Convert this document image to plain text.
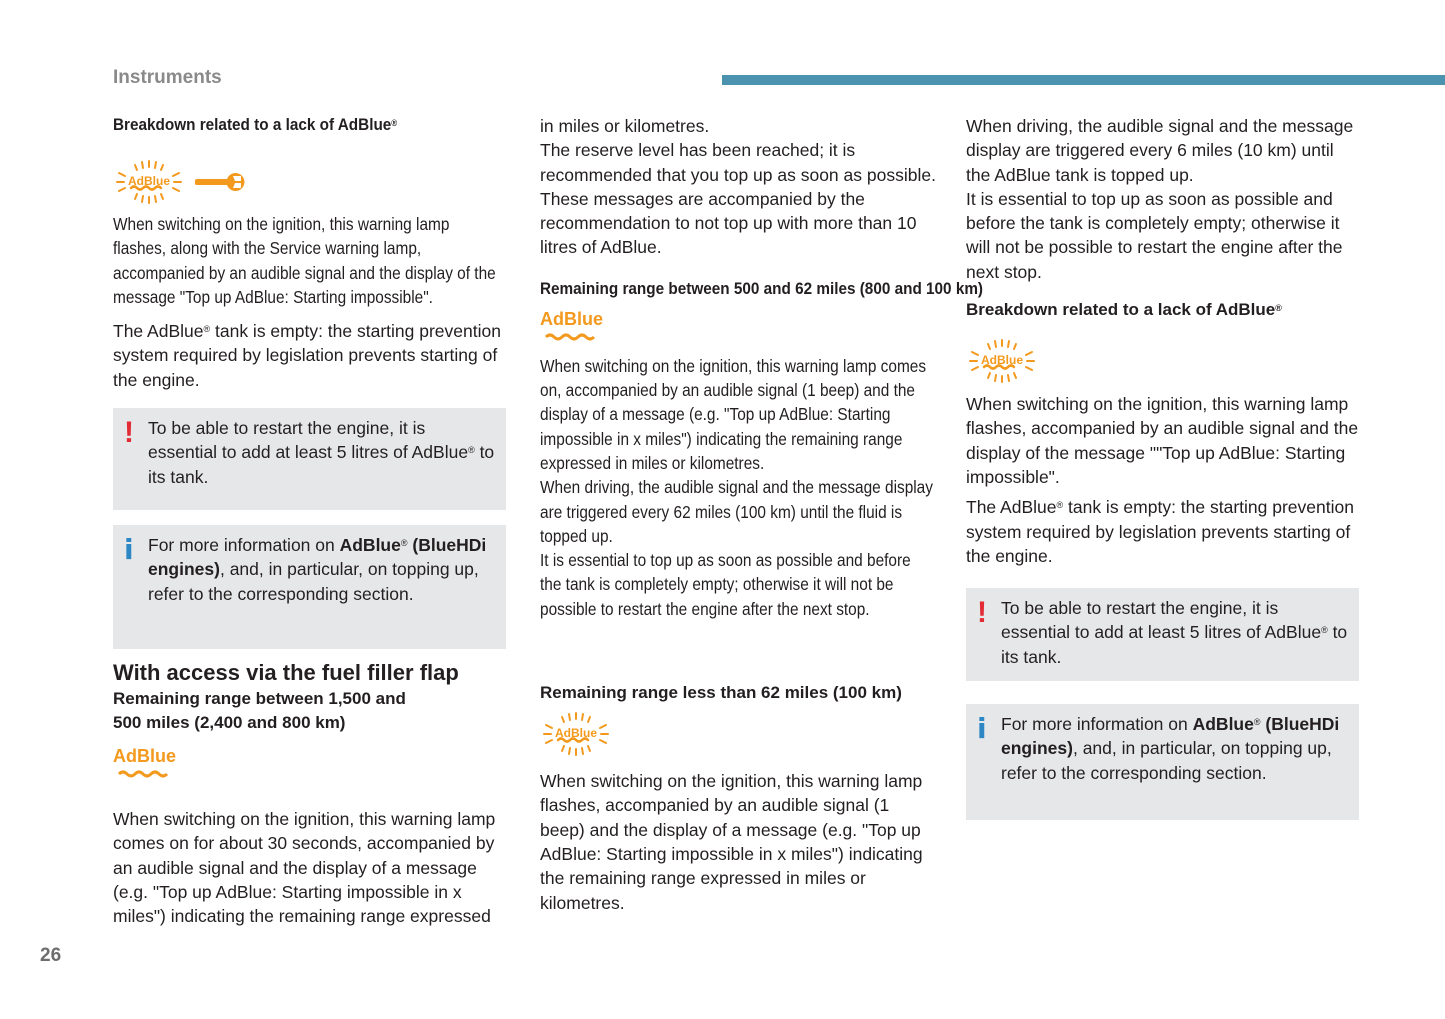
Instruments
26

Breakdown related to a lack of AdBlue®

AdBlue

When switching on the ignition, this warning lamp flashes, along with the Service warning lamp, accompanied by an audible signal and the display of the message "Top up AdBlue: Starting impossible".

The AdBlue® tank is empty: the starting prevention system required by legislation prevents starting of the engine.

! To be able to restart the engine, it is essential to add at least 5 litres of AdBlue® to its tank.

i For more information on AdBlue® (BlueHDi engines), and, in particular, on topping up, refer to the corresponding section.

With access via the fuel filler flap

Remaining range between 1,500 and 500 miles (2,400 and 800 km)

AdBlue

When switching on the ignition, this warning lamp comes on for about 30 seconds, accompanied by an audible signal and the display of a message (e.g. "Top up AdBlue: Starting impossible in x miles") indicating the remaining range expressed

in miles or kilometres.

The reserve level has been reached; it is recommended that you top up as soon as possible.

These messages are accompanied by the recommendation to not top up with more than 10 litres of AdBlue.

Remaining range between 500 and 62 miles (800 and 100 km)

AdBlue

When switching on the ignition, this warning lamp comes on, accompanied by an audible signal (1 beep) and the display of a message (e.g. "Top up AdBlue: Starting impossible in x miles") indicating the remaining range expressed in miles or kilometres.

When driving, the audible signal and the message display are triggered every 62 miles (100 km) until the fluid is topped up.

It is essential to top up as soon as possible and before the tank is completely empty; otherwise it will not be possible to restart the engine after the next stop.

Remaining range less than 62 miles (100 km)

AdBlue

When switching on the ignition, this warning lamp flashes, accompanied by an audible signal (1 beep) and the display of a message (e.g. "Top up AdBlue: Starting impossible in x miles") indicating the remaining range expressed in miles or kilometres.

When driving, the audible signal and the message display are triggered every 6 miles (10 km) until the AdBlue tank is topped up.

It is essential to top up as soon as possible and before the tank is completely empty; otherwise it will not be possible to restart the engine after the next stop.

Breakdown related to a lack of AdBlue®

AdBlue

When switching on the ignition, this warning lamp flashes, accompanied by an audible signal and the display of the message ""Top up AdBlue: Starting impossible".

The AdBlue® tank is empty: the starting prevention system required by legislation prevents starting of the engine.

! To be able to restart the engine, it is essential to add at least 5 litres of AdBlue® to its tank.

i For more information on AdBlue® (BlueHDi engines), and, in particular, on topping up, refer to the corresponding section.
